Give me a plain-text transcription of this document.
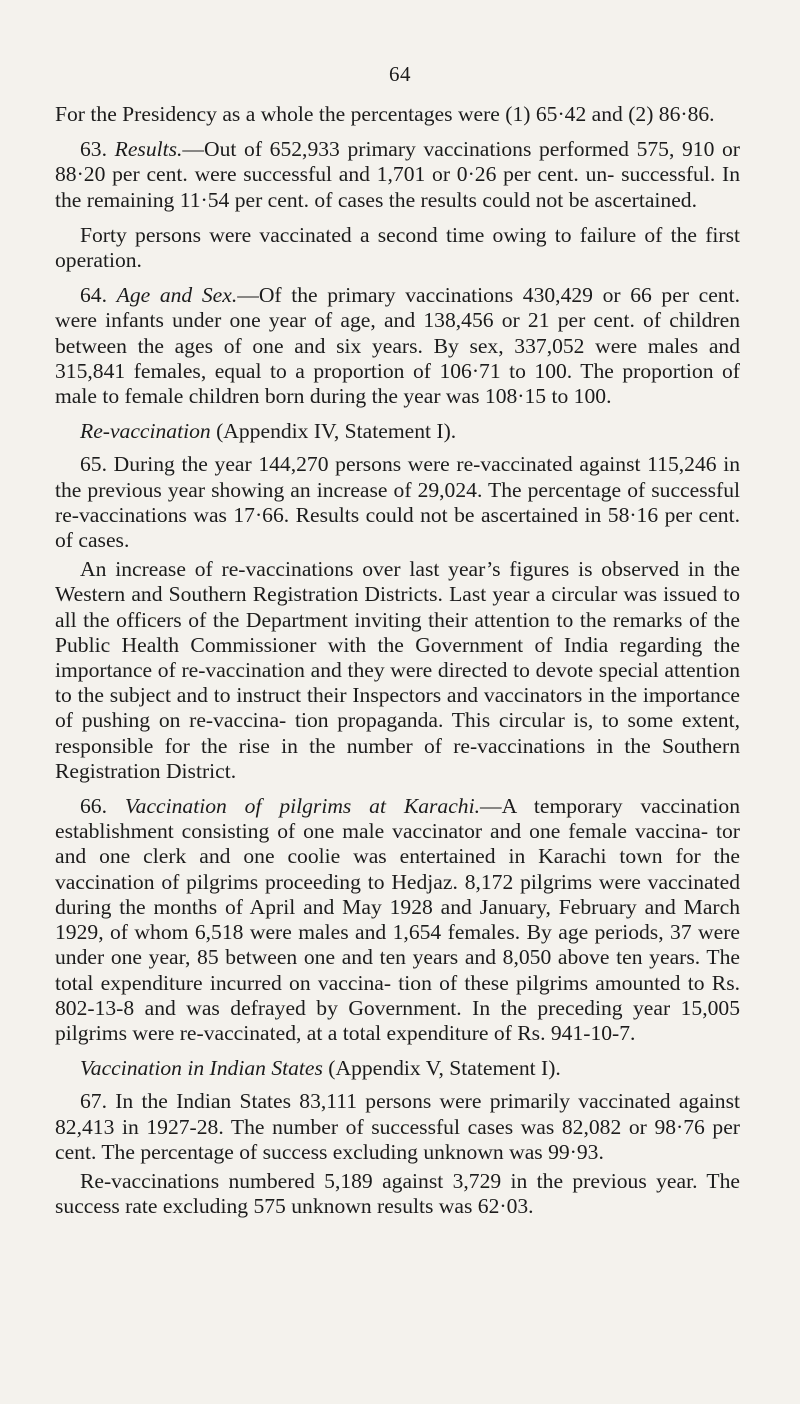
64

For the Presidency as a whole the percentages were (1) 65·42 and (2) 86·86.

63. Results.—Out of 652,933 primary vaccinations performed 575, 910 or 88·20 per cent. were successful and 1,701 or 0·26 per cent. un- successful. In the remaining 11·54 per cent. of cases the results could not be ascertained.

Forty persons were vaccinated a second time owing to failure of the first operation.

64. Age and Sex.—Of the primary vaccinations 430,429 or 66 per cent. were infants under one year of age, and 138,456 or 21 per cent. of children between the ages of one and six years. By sex, 337,052 were males and 315,841 females, equal to a proportion of 106·71 to 100. The proportion of male to female children born during the year was 108·15 to 100.

Re-vaccination (Appendix IV, Statement I).

65. During the year 144,270 persons were re-vaccinated against 115,246 in the previous year showing an increase of 29,024. The percentage of successful re-vaccinations was 17·66. Results could not be ascertained in 58·16 per cent. of cases.

An increase of re-vaccinations over last year’s figures is observed in the Western and Southern Registration Districts. Last year a circular was issued to all the officers of the Department inviting their attention to the remarks of the Public Health Commissioner with the Government of India regarding the importance of re-vaccination and they were directed to devote special attention to the subject and to instruct their Inspectors and vaccinators in the importance of pushing on re-vaccina- tion propaganda. This circular is, to some extent, responsible for the rise in the number of re-vaccinations in the Southern Registration District.

66. Vaccination of pilgrims at Karachi.—A temporary vaccination establishment consisting of one male vaccinator and one female vaccina- tor and one clerk and one coolie was entertained in Karachi town for the vaccination of pilgrims proceeding to Hedjaz. 8,172 pilgrims were vaccinated during the months of April and May 1928 and January, February and March 1929, of whom 6,518 were males and 1,654 females. By age periods, 37 were under one year, 85 between one and ten years and 8,050 above ten years. The total expenditure incurred on vaccina- tion of these pilgrims amounted to Rs. 802-13-8 and was defrayed by Government. In the preceding year 15,005 pilgrims were re-vaccinated, at a total expenditure of Rs. 941-10-7.

Vaccination in Indian States (Appendix V, Statement I).

67. In the Indian States 83,111 persons were primarily vaccinated against 82,413 in 1927-28. The number of successful cases was 82,082 or 98·76 per cent. The percentage of success excluding unknown was 99·93.

Re-vaccinations numbered 5,189 against 3,729 in the previous year. The success rate excluding 575 unknown results was 62·03.
